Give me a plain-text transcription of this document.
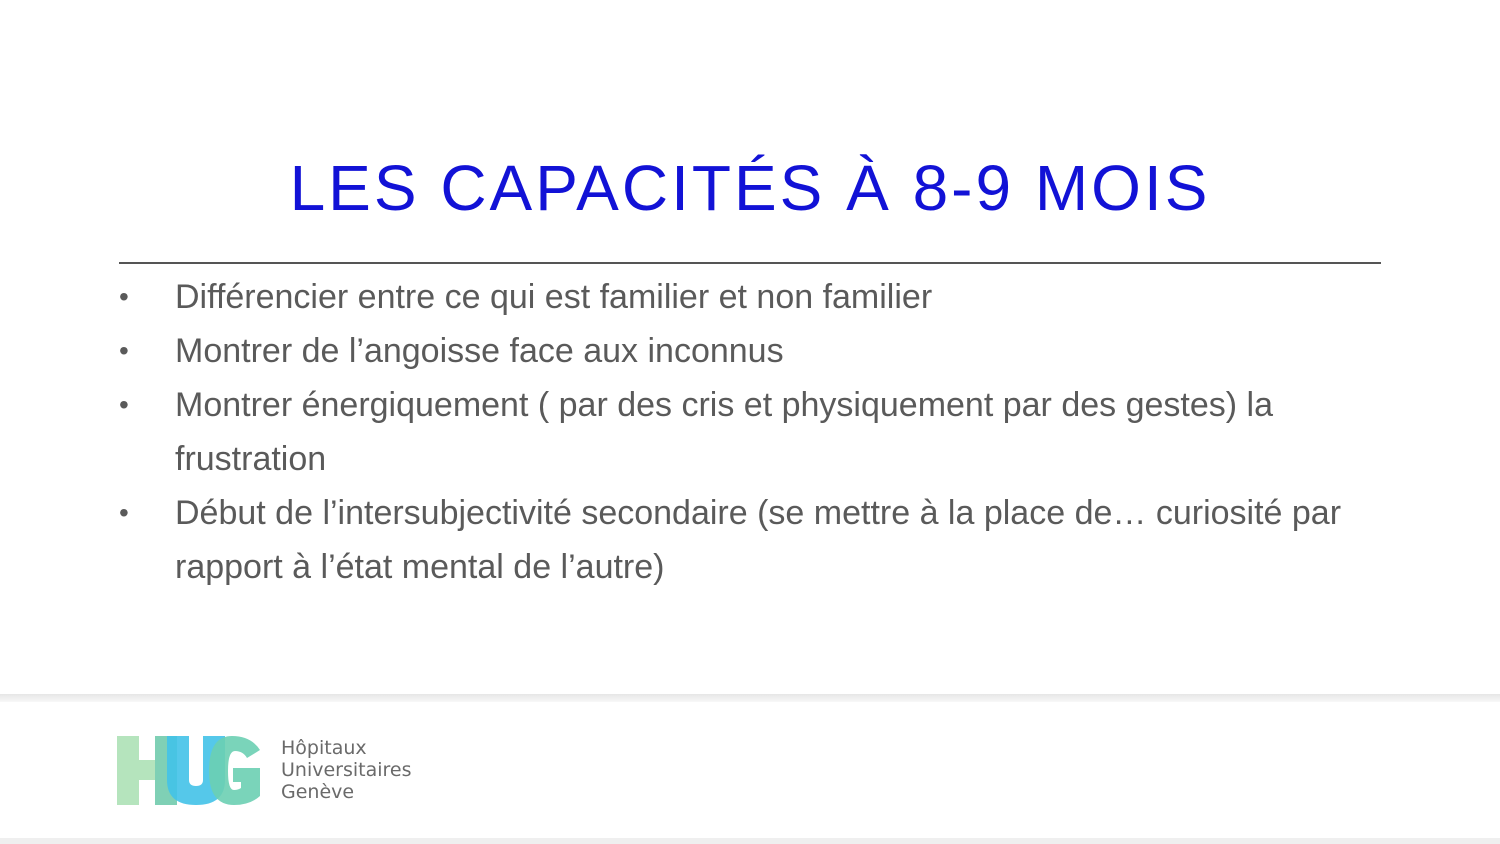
LES CAPACITÉS À 8-9 MOIS
• Différencier entre ce qui est familier et non familier
• Montrer de l’angoisse face aux inconnus
• Montrer énergiquement ( par des cris et physiquement par des gestes) la frustration
• Début de l’intersubjectivité secondaire (se mettre à la place de… curiosité par rapport à l’état mental de l’autre)
Hôpitaux
Universitaires
Genève
